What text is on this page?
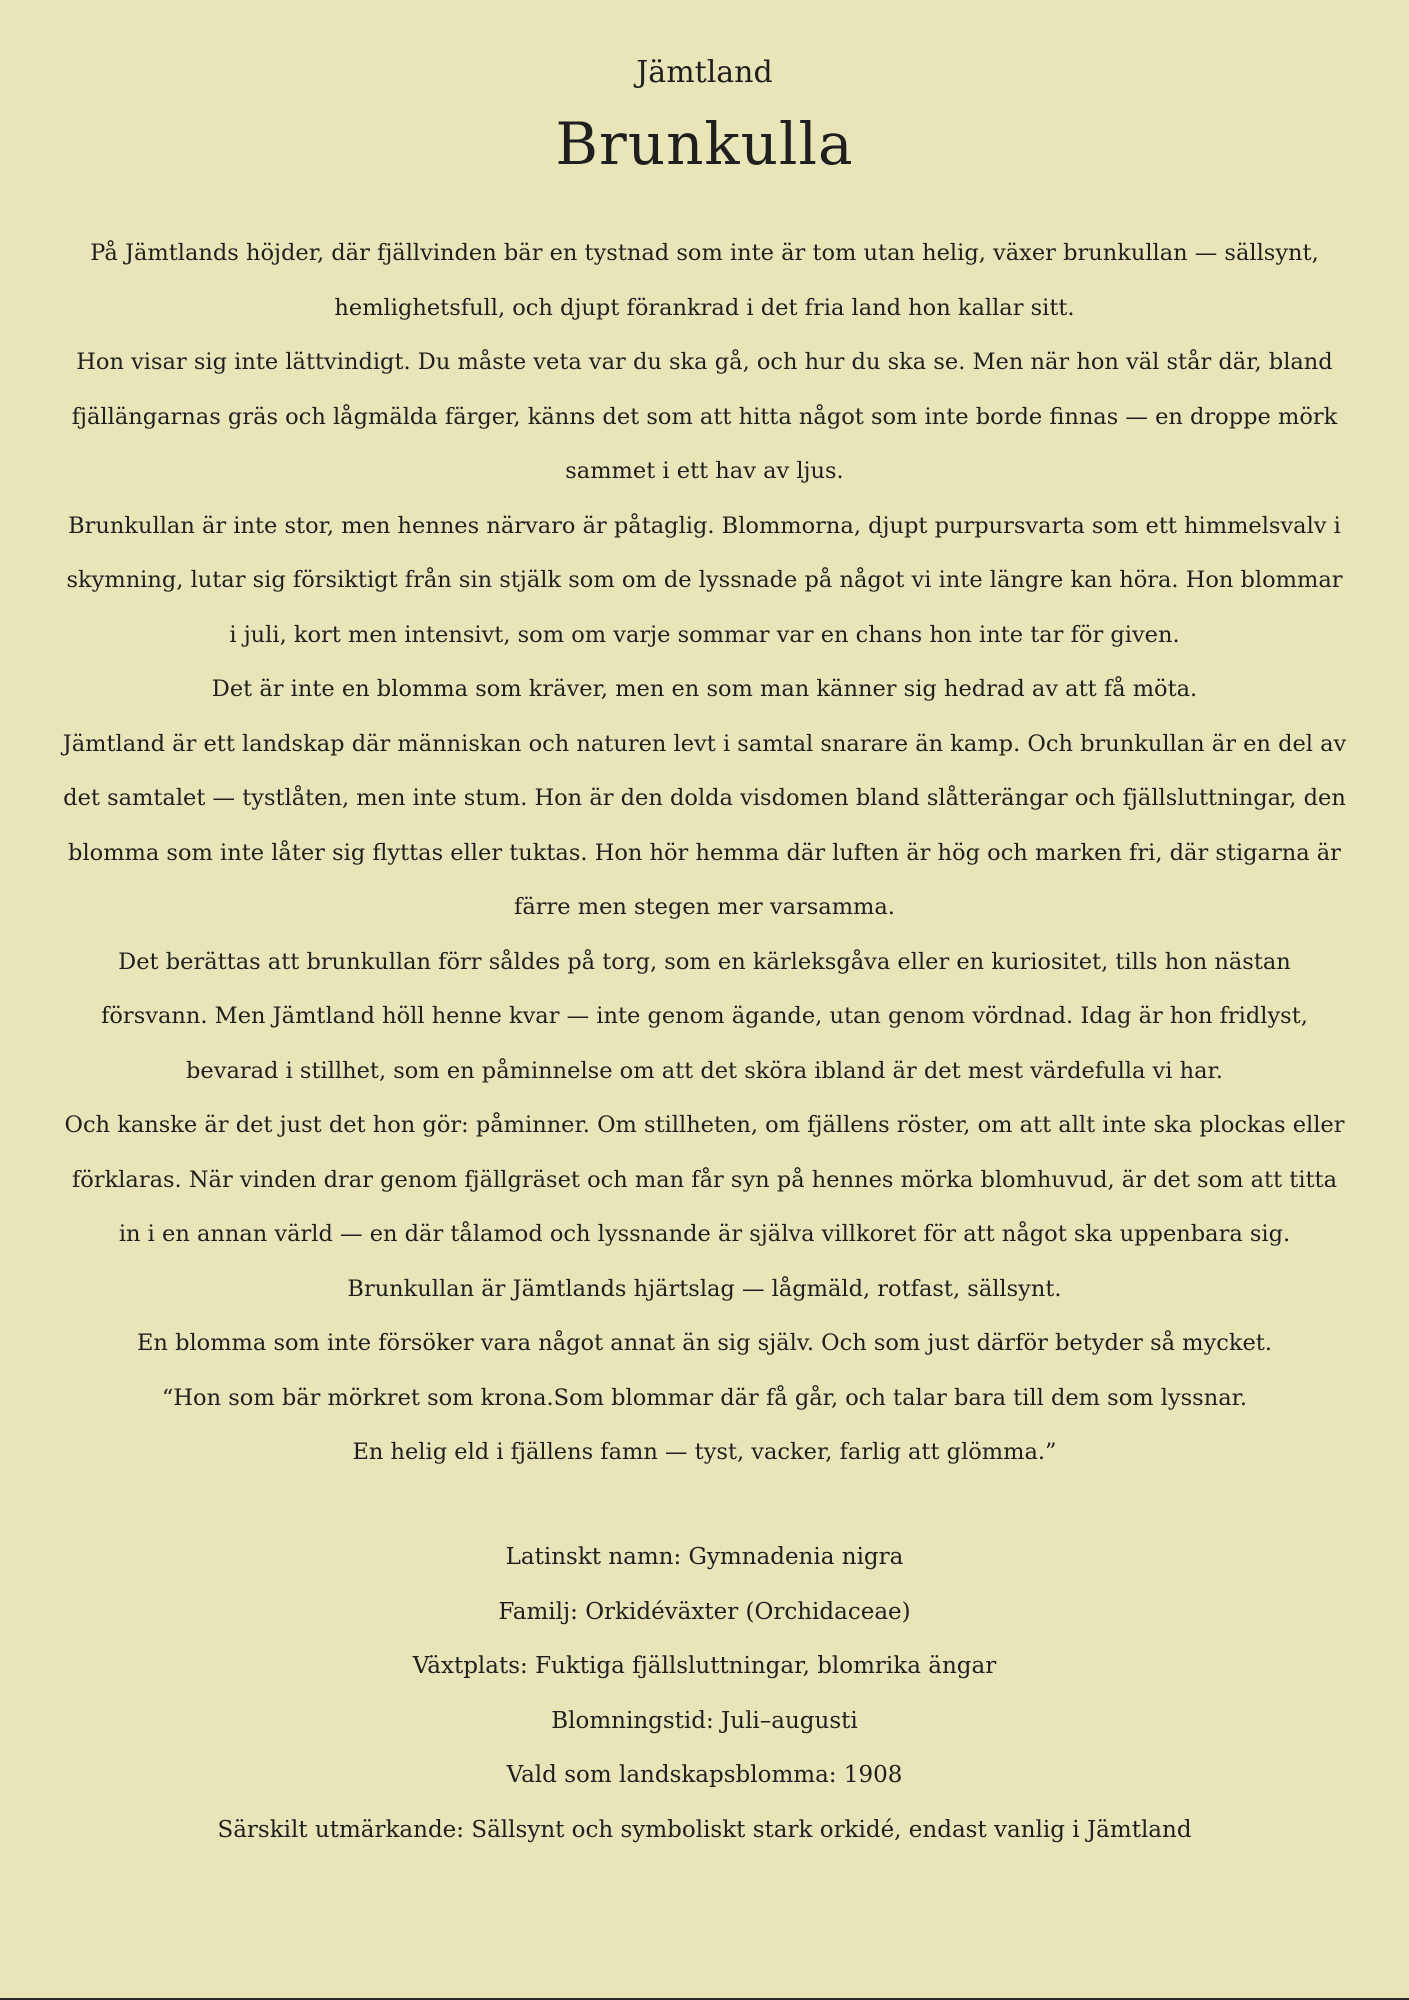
Jämtland
Brunkulla

På Jämtlands höjder, där fjällvinden bär en tystnad som inte är tom utan helig, växer brunkullan — sällsynt, hemlighetsfull, och djupt förankrad i det fria land hon kallar sitt.

Hon visar sig inte lättvindigt. Du måste veta var du ska gå, och hur du ska se. Men när hon väl står där, bland fjällängarnas gräs och lågmälda färger, känns det som att hitta något som inte borde finnas — en droppe mörk sammet i ett hav av ljus.

Brunkullan är inte stor, men hennes närvaro är påtaglig. Blommorna, djupt purpursvarta som ett himmelsvalv i skymning, lutar sig försiktigt från sin stjälk som om de lyssnade på något vi inte längre kan höra. Hon blommar i juli, kort men intensivt, som om varje sommar var en chans hon inte tar för given.

Det är inte en blomma som kräver, men en som man känner sig hedrad av att få möta.

Jämtland är ett landskap där människan och naturen levt i samtal snarare än kamp. Och brunkullan är en del av det samtalet — tystlåten, men inte stum. Hon är den dolda visdomen bland slåtterängar och fjällsluttningar, den blomma som inte låter sig flyttas eller tuktas. Hon hör hemma där luften är hög och marken fri, där stigarna är färre men stegen mer varsamma.

Det berättas att brunkullan förr såldes på torg, som en kärleksgåva eller en kuriositet, tills hon nästan försvann. Men Jämtland höll henne kvar — inte genom ägande, utan genom vördnad. Idag är hon fridlyst, bevarad i stillhet, som en påminnelse om att det sköra ibland är det mest värdefulla vi har.

Och kanske är det just det hon gör: påminner. Om stillheten, om fjällens röster, om att allt inte ska plockas eller förklaras. När vinden drar genom fjällgräset och man får syn på hennes mörka blomhuvud, är det som att titta in i en annan värld — en där tålamod och lyssnande är själva villkoret för att något ska uppenbara sig.

Brunkullan är Jämtlands hjärtslag — lågmäld, rotfast, sällsynt.

En blomma som inte försöker vara något annat än sig själv. Och som just därför betyder så mycket.

“Hon som bär mörkret som krona.Som blommar där få går, och talar bara till dem som lyssnar.

En helig eld i fjällens famn — tyst, vacker, farlig att glömma.”

Latinskt namn: Gymnadenia nigra

Familj: Orkidéväxter (Orchidaceae)

Växtplats: Fuktiga fjällsluttningar, blomrika ängar

Blomningstid: Juli–augusti

Vald som landskapsblomma: 1908

Särskilt utmärkande: Sällsynt och symboliskt stark orkidé, endast vanlig i Jämtland
